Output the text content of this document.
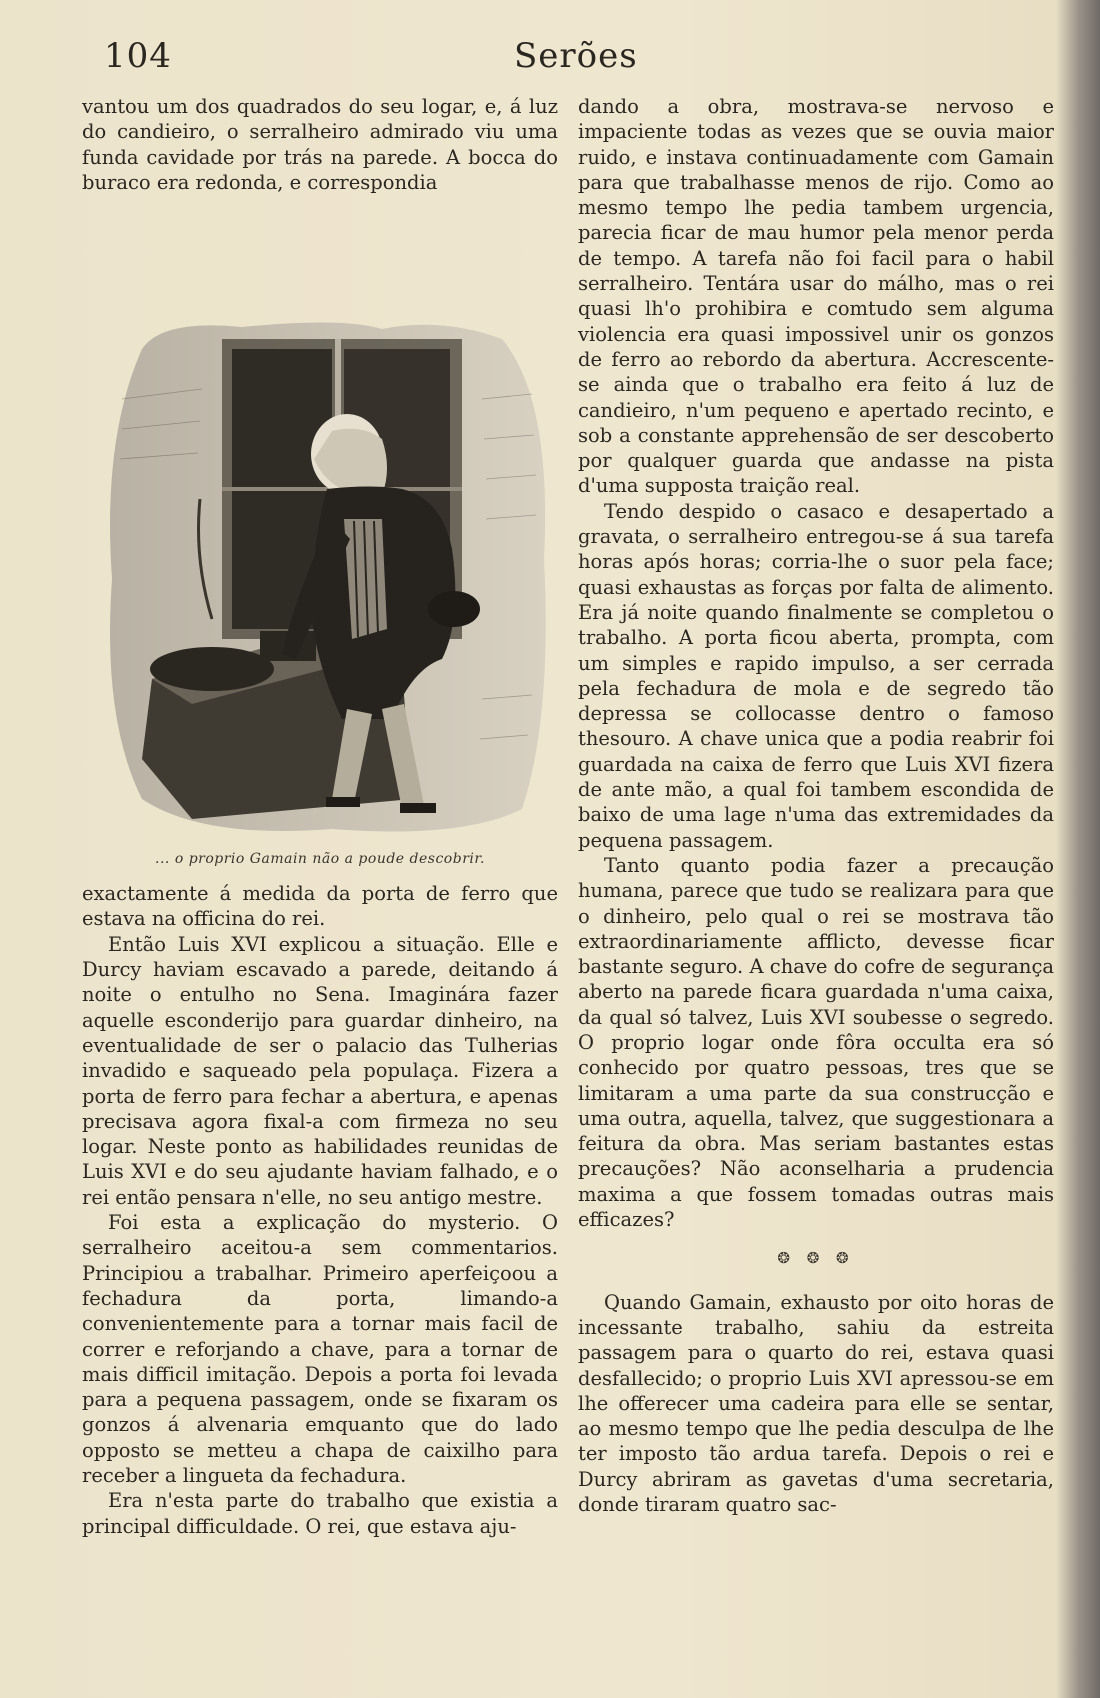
104	Serões

vantou um dos quadrados do seu logar, e, á luz do candieiro, o serralheiro admirado viu uma funda cavidade por trás na parede. A bocca do buraco era redonda, e correspondia

... o proprio Gamain não a poude descobrir.

exactamente á medida da porta de ferro que estava na officina do rei.

Então Luis XVI explicou a situação. Elle e Durcy haviam escavado a parede, deitando á noite o entulho no Sena. Imaginára fazer aquelle esconderijo para guardar dinheiro, na eventualidade de ser o palacio das Tulherias invadido e saqueado pela populaça. Fizera a porta de ferro para fechar a abertura, e apenas precisava agora fixal-a com firmeza no seu logar. Neste ponto as habilidades reunidas de Luis XVI e do seu ajudante haviam falhado, e o rei então pensara n'elle, no seu antigo mestre.

Foi esta a explicação do mysterio. O serralheiro aceitou-a sem commentarios. Principiou a trabalhar. Primeiro aperfeiçoou a fechadura da porta, limando-a convenientemente para a tornar mais facil de correr e reforjando a chave, para a tornar de mais difficil imitação. Depois a porta foi levada para a pequena passagem, onde se fixaram os gonzos á alvenaria emquanto que do lado opposto se metteu a chapa de caixilho para receber a lingueta da fechadura.

Era n'esta parte do trabalho que existia a principal difficuldade. O rei, que estava aju-

dando a obra, mostrava-se nervoso e impaciente todas as vezes que se ouvia maior ruido, e instava continuadamente com Gamain para que trabalhasse menos de rijo. Como ao mesmo tempo lhe pedia tambem urgencia, parecia ficar de mau humor pela menor perda de tempo. A tarefa não foi facil para o habil serralheiro. Tentára usar do málho, mas o rei quasi lh'o prohibira e comtudo sem alguma violencia era quasi impossivel unir os gonzos de ferro ao rebordo da abertura. Accrescente-se ainda que o trabalho era feito á luz de candieiro, n'um pequeno e apertado recinto, e sob a constante apprehensão de ser descoberto por qualquer guarda que andasse na pista d'uma supposta traição real.

Tendo despido o casaco e desapertado a gravata, o serralheiro entregou-se á sua tarefa horas após horas; corria-lhe o suor pela face; quasi exhaustas as forças por falta de alimento. Era já noite quando finalmente se completou o trabalho. A porta ficou aberta, prompta, com um simples e rapido impulso, a ser cerrada pela fechadura de mola e de segredo tão depressa se collocasse dentro o famoso thesouro. A chave unica que a podia reabrir foi guardada na caixa de ferro que Luis XVI fizera de ante mão, a qual foi tambem escondida de baixo de uma lage n'uma das extremidades da pequena passagem.

Tanto quanto podia fazer a precaução humana, parece que tudo se realizara para que o dinheiro, pelo qual o rei se mostrava tão extraordinariamente afflicto, devesse ficar bastante seguro. A chave do cofre de segurança aberto na parede ficara guardada n'uma caixa, da qual só talvez, Luis XVI soubesse o segredo. O proprio logar onde fôra occulta era só conhecido por quatro pessoas, tres que se limitaram a uma parte da sua construcção e uma outra, aquella, talvez, que suggestionara a feitura da obra. Mas seriam bastantes estas precauções? Não aconselharia a prudencia maxima a que fossem tomadas outras mais efficazes?

❂ ❂ ❂

Quando Gamain, exhausto por oito horas de incessante trabalho, sahiu da estreita passagem para o quarto do rei, estava quasi desfallecido; o proprio Luis XVI apressou-se em lhe offerecer uma cadeira para elle se sentar, ao mesmo tempo que lhe pedia desculpa de lhe ter imposto tão ardua tarefa. Depois o rei e Durcy abriram as gavetas d'uma secretaria, donde tiraram quatro sac-
